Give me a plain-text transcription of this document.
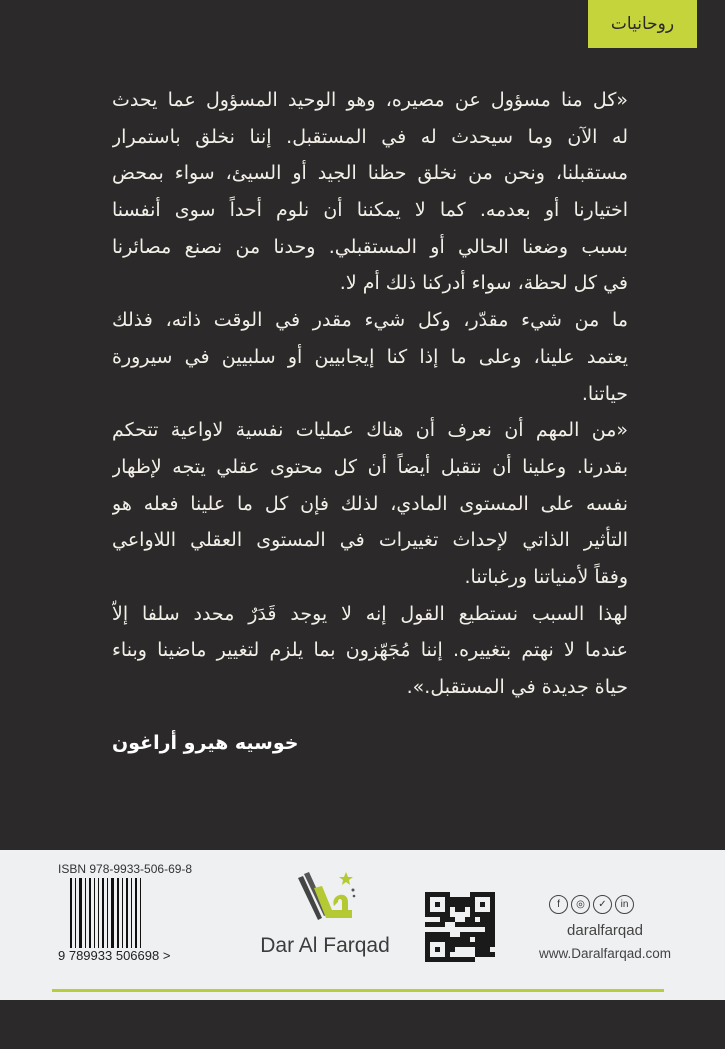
روحانيات
«كل منا مسؤول عن مصيره، وهو الوحيد المسؤول عما يحدث
له الآن وما سيحدث له في المستقبل. إننا نخلق باستمرار
مستقبلنا، ونحن من نخلق حظنا الجيد أو السيئ، سواء بمحض
اختيارنا أو بعدمه. كما لا يمكننا أن نلوم أحداً سوى أنفسنا
بسبب وضعنا الحالي أو المستقبلي. وحدنا من نصنع مصائرنا
في كل لحظة، سواء أدركنا ذلك أم لا.
ما من شيء مقدّر، وكل شيء مقدر في الوقت ذاته، فذلك
يعتمد علينا، وعلى ما إذا كنا إيجابيين أو سلبيين في سيرورة
حياتنا.
«من المهم أن نعرف أن هناك عمليات نفسية لاواعية تتحكم
بقدرنا. وعلينا أن نتقبل أيضاً أن كل محتوى عقلي يتجه لإظهار
نفسه على المستوى المادي، لذلك فإن كل ما علينا فعله هو
التأثير الذاتي لإحداث تغييرات في المستوى العقلي اللاواعي
وفقاً لأمنياتنا ورغباتنا.
لهذا السبب نستطيع القول إنه لا يوجد قَدَرٌ محدد سلفا إلاّ
عندما لا نهتم بتغييره. إننا مُجَهّزون بما يلزم لتغيير ماضينا وبناء
حياة جديدة في المستقبل.».
خوسيه هيرو أراغون
ISBN 978-9933-506-69-8
9 789933 506698 >	Dar Al Farqad
f	◎	✓	in
daralfarqad
www.Daralfarqad.com
